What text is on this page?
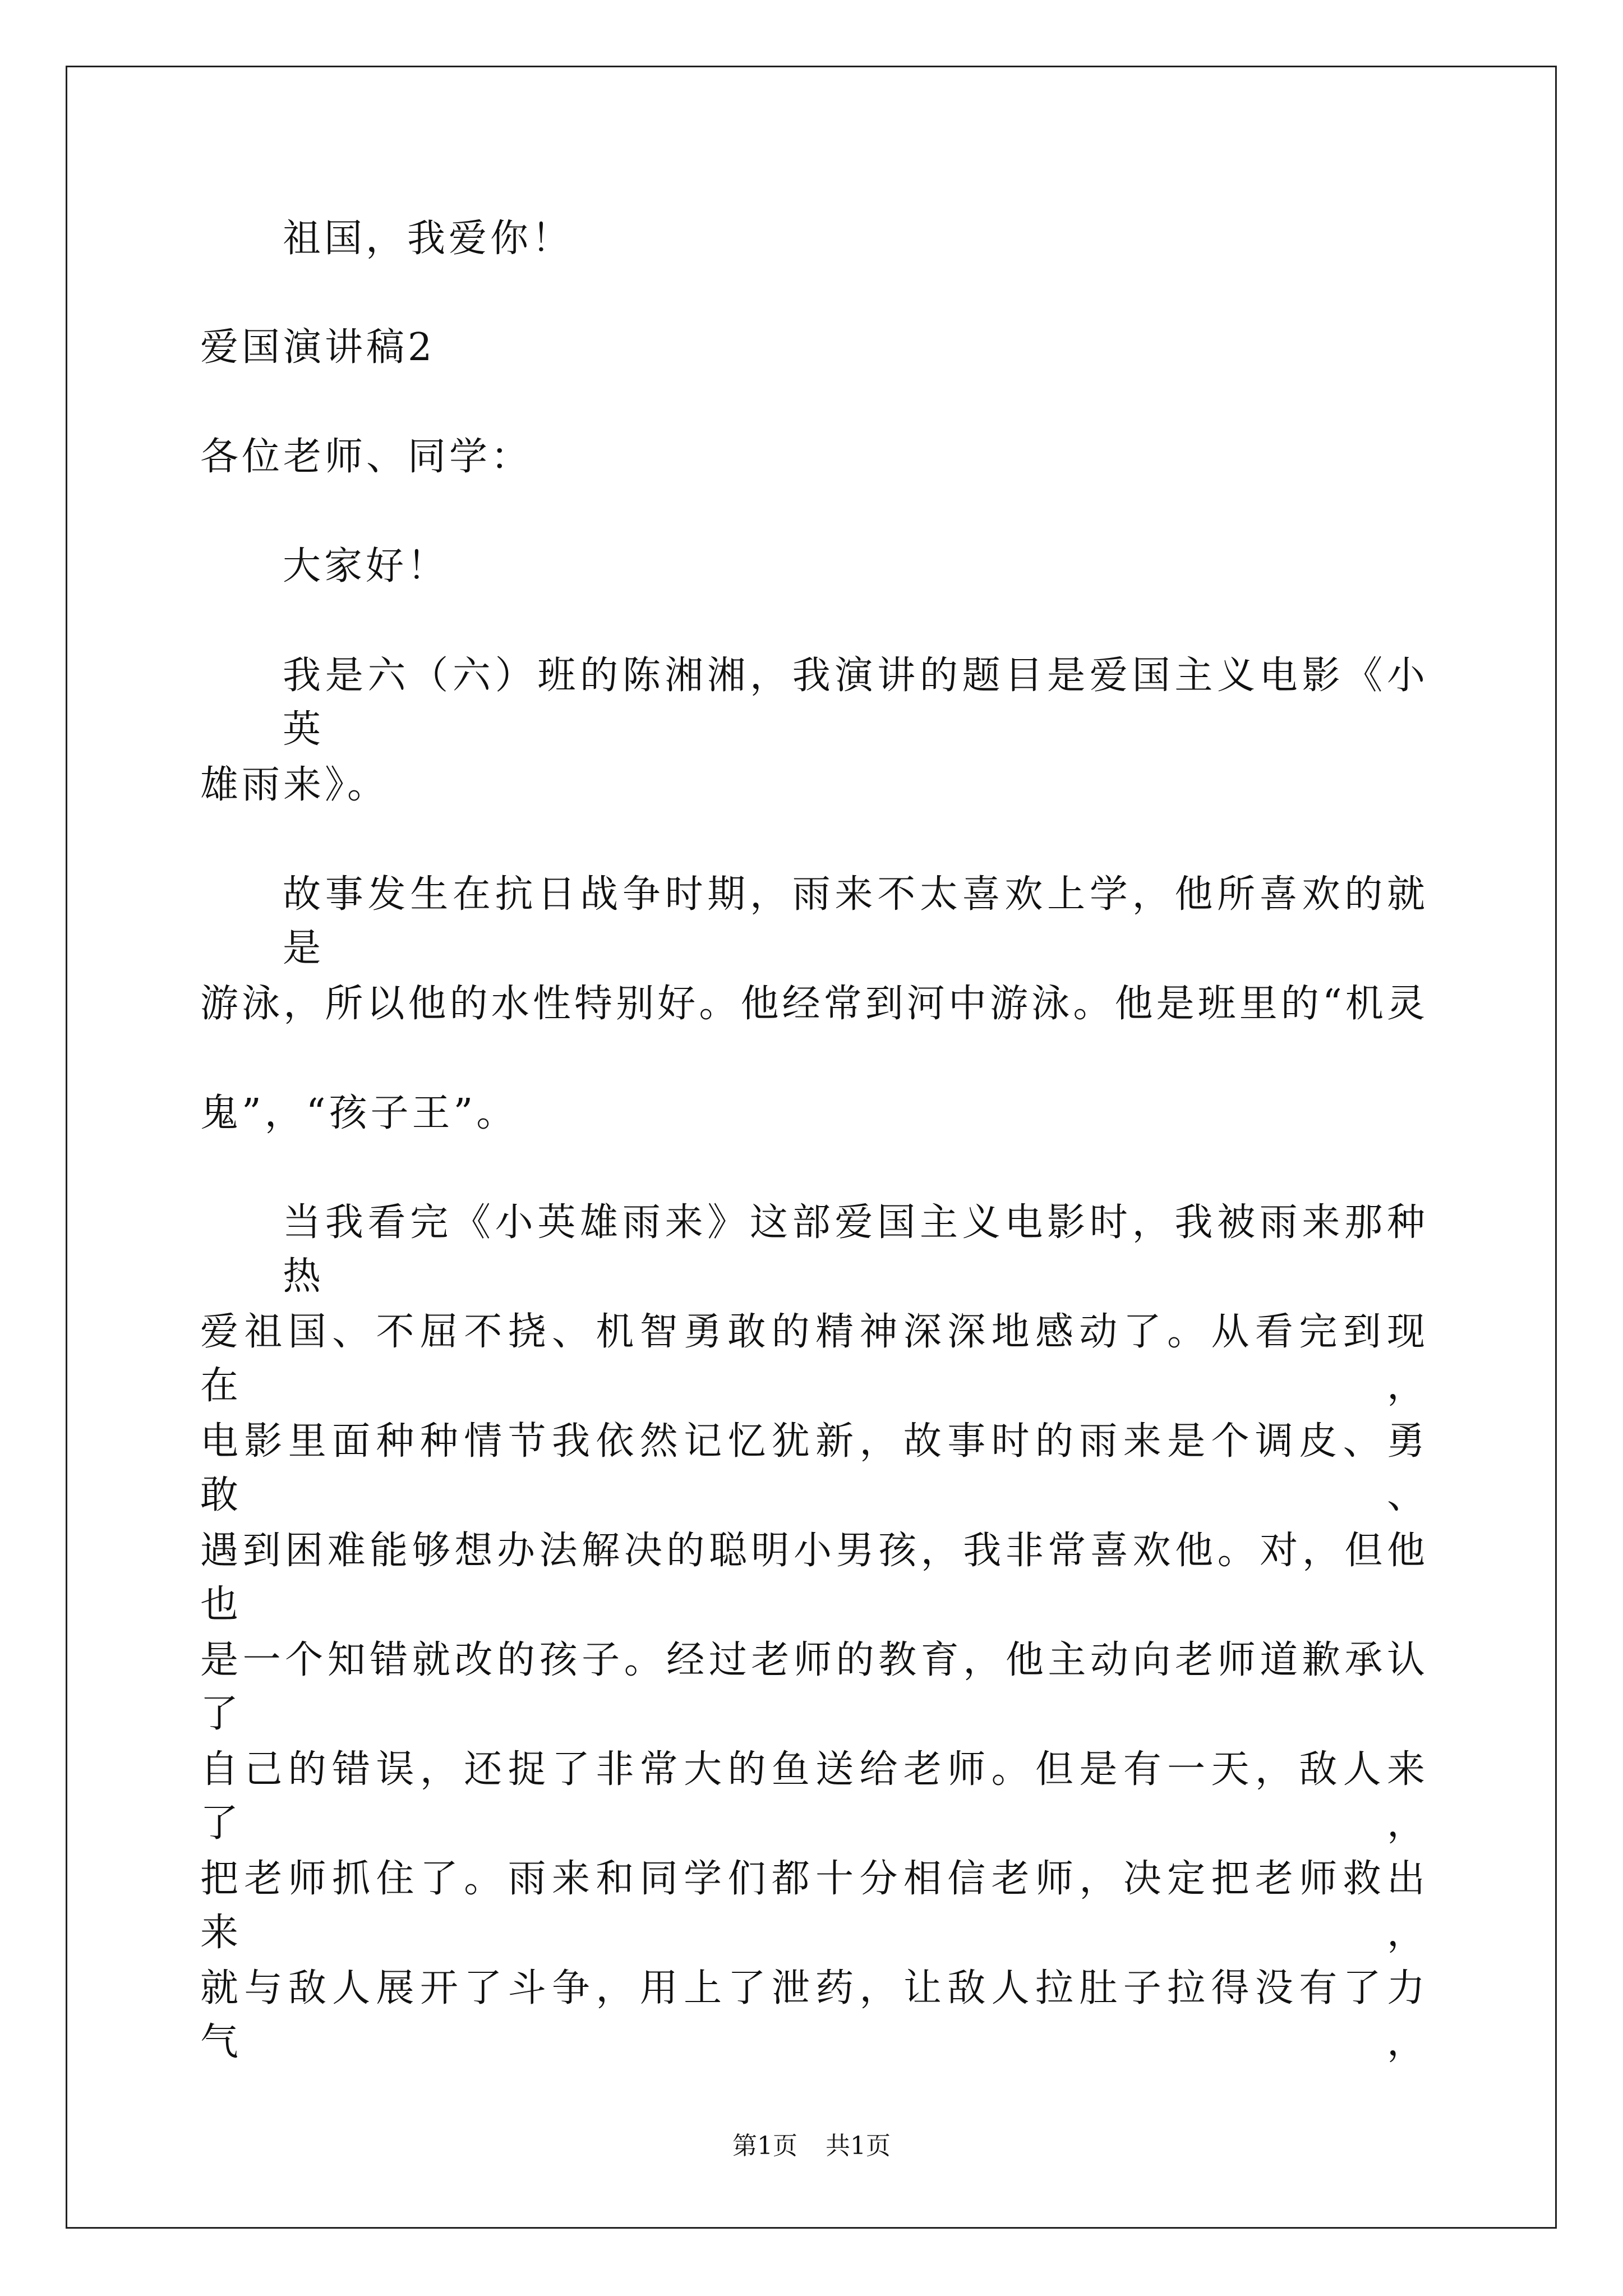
祖国，我爱你！
爱国演讲稿2
各位老师、同学：
大家好！
我是六（六）班的陈湘湘，我演讲的题目是爱国主义电影《小英
雄雨来》。
故事发生在抗日战争时期，雨来不太喜欢上学，他所喜欢的就是
游泳，所以他的水性特别好。他经常到河中游泳。他是班里的“机灵
鬼”，“孩子王”。
当我看完《小英雄雨来》这部爱国主义电影时，我被雨来那种热
爱祖国、不屈不挠、机智勇敢的精神深深地感动了。从看完到现在，
电影里面种种情节我依然记忆犹新，故事时的雨来是个调皮、勇敢、
遇到困难能够想办法解决的聪明小男孩，我非常喜欢他。对，但他也
是一个知错就改的孩子。经过老师的教育，他主动向老师道歉承认了
自己的错误，还捉了非常大的鱼送给老师。但是有一天，敌人来了，
把老师抓住了。雨来和同学们都十分相信老师，决定把老师救出来，
就与敌人展开了斗争，用上了泄药，让敌人拉肚子拉得没有了力气，
第1页 共1页
